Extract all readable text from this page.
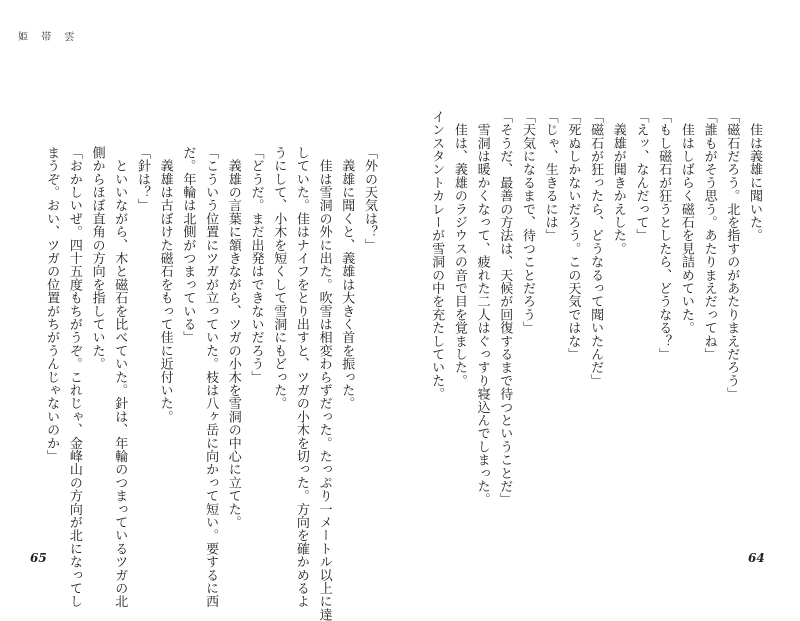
姫 帯 雲
「外の天気は？」
　義雄に聞くと、義雄は大きく首を振った。
　佳は雪洞の外に出た。吹雪は相変わらずだった。たっぷり一メートル以上に達
していた。佳はナイフをとり出すと、ツガの小木を切った。方向を確かめるよ
うにして、小木を短くして雪洞にもどった。
「どうだ。まだ出発はできないだろう」
　義雄の言葉に頷きながら、ツガの小木を雪洞の中心に立てた。
「こういう位置にツガが立っていた。枝は八ヶ岳に向かって短い。要するに西
だ。年輪は北側がつまっている」
　義雄は古ぼけた磁石をもって佳に近付いた。
「針は？」
　といいながら、木と磁石を比べていた。針は、年輪のつまっているツガの北
側からほぼ直角の方向を指していた。
「おかしいぜ。四十五度もちがうぞ。これじゃ、金峰山の方向が北になってし
まうぞ。おい、ツガの位置がちがうんじゃないのか」	　佳は義雄に聞いた。
「磁石だろう。北を指すのがあたりまえだろう」
「誰もがそう思う。あたりまえだってね」
　佳はしばらく磁石を見詰めていた。
「もし磁石が狂うとしたら、どうなる？」
「えッ、なんだって」
　義雄が聞きかえした。
「磁石が狂ったら、どうなるって聞いたんだ」
「死ぬしかないだろう。この天気ではな」
「じゃ、生きるには」
「天気になるまで、待つことだろう」
「そうだ、最善の方法は、天候が回復するまで待つということだ」
　雪洞は暖かくなって、疲れた二人はぐっすり寝込んでしまった。
　佳は、義雄のラジウスの音で目を覚ました。
インスタントカレーが雪洞の中を充たしていた。
65	64
